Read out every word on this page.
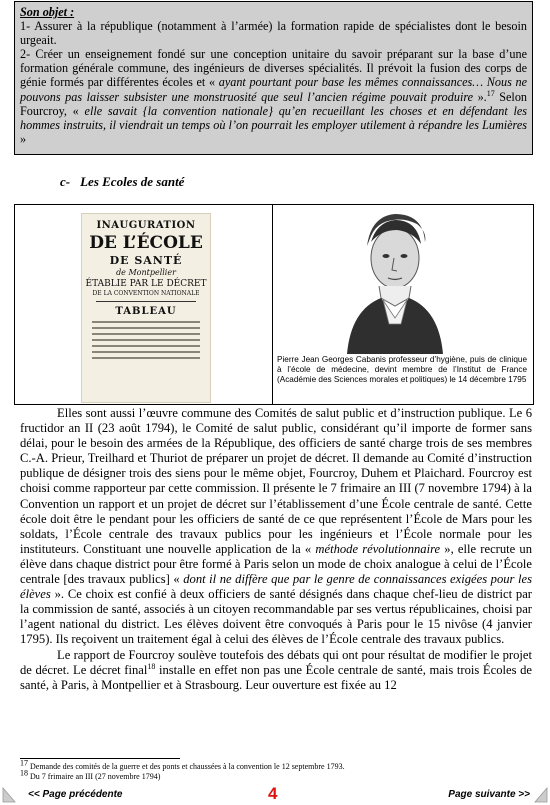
Son objet :

1- Assurer à la république (notamment à l’armée) la formation rapide de spécialistes dont le besoin urgeait.

2- Créer un enseignement fondé sur une conception unitaire du savoir préparant sur la base d’une formation générale commune, des ingénieurs de diverses spécialités. Il prévoit la fusion des corps de génie formés par différentes écoles et « ayant pourtant pour base les mêmes connaissances… Nous ne pouvons pas laisser subsister une monstruosité que seul l’ancien régime pouvait produire ».$^{17}$ Selon Fourcroy, « elle savait {la convention nationale} qu’en recueillant les choses et en défendant les hommes instruits, il viendrait un temps où l’on pourrait les employer utilement à répandre les Lumières »

c- Les Ecoles de santé
INAUGURATION
DE L’ÉCOLE
DE SANTÉ
de Montpellier
ÉTABLIE PAR LE DÉCRET
DE LA CONVENTION NATIONALE
TABLEAU
Pierre Jean Georges Cabanis professeur d’hygiène, puis de clinique à l’école de médecine, devint membre de l’Institut de France (Académie des Sciences morales et politiques) le 14 décembre 1795

Elles sont aussi l’œuvre commune des Comités de salut public et d’instruction publique. Le 6 fructidor an II (23 août 1794), le Comité de salut public, considérant qu’il importe de former sans délai, pour le besoin des armées de la République, des officiers de santé charge trois de ses membres C.-A. Prieur, Treilhard et Thuriot de préparer un projet de décret. Il demande au Comité d’instruction publique de désigner trois des siens pour le même objet, Fourcroy, Duhem et Plaichard. Fourcroy est choisi comme rapporteur par cette commission. Il présente le 7 frimaire an III (7 novembre 1794) à la Convention un rapport et un projet de décret sur l’établissement d’une École centrale de santé. Cette école doit être le pendant pour les officiers de santé de ce que représentent l’École de Mars pour les soldats, l’École centrale des travaux publics pour les ingénieurs et l’École normale pour les instituteurs. Constituant une nouvelle application de la « méthode révolutionnaire », elle recrute un élève dans chaque district pour être formé à Paris selon un mode de choix analogue à celui de l’École centrale [des travaux publics] « dont il ne diffère que par le genre de connaissances exigées pour les élèves ». Ce choix est confié à deux officiers de santé désignés dans chaque chef-lieu de district par la commission de santé, associés à un citoyen recommandable par ses vertus républicaines, choisi par l’agent national du district. Les élèves doivent être convoqués à Paris pour le 15 nivôse (4 janvier 1795). Ils reçoivent un traitement égal à celui des élèves de l’École centrale des travaux publics.

Le rapport de Fourcroy soulève toutefois des débats qui ont pour résultat de modifier le projet de décret. Le décret final$^{18}$ installe en effet non pas une École centrale de santé, mais trois Écoles de santé, à Paris, à Montpellier et à Strasbourg. Leur ouverture est fixée au 12

$^{17}$ Demande des comités de la guerre et des ponts et chaussées à la convention le 12 septembre 1793.
$^{18}$ Du 7 frimaire an III (27 novembre 1794)
<< Page précédente	4	Page suivante >>
